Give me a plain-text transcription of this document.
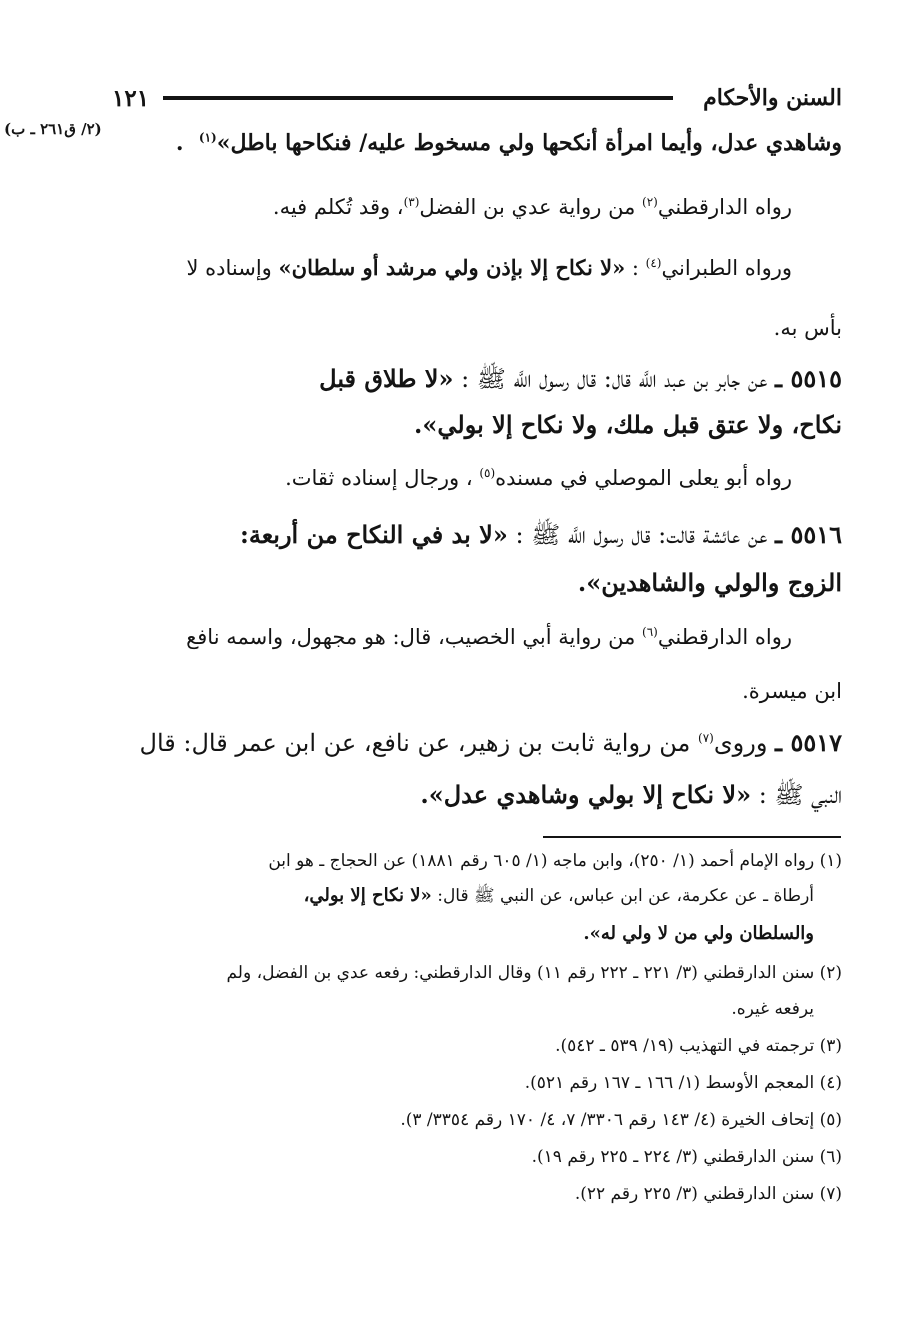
١٢١	السنن والأحكام
(٢/ ق٢٦١ ـ ب)
وشاهدي عدل، وأيما امرأة أنكحها ولي مسخوط عليه/ فنكاحها باطل»$^{(١)}$  .
رواه الدارقطني$^{(٢)}$ من رواية عدي بن الفضل$^{(٣)}$، وقد تُكلم فيه.
ورواه الطبراني$^{(٤)}$ : «لا نكاح إلا بإذن ولي مرشد أو سلطان» وإسناده لا
بأس به.
٥٥١٥ ـ عن جابر بن عبد اللَّه قال: قال رسول اللَّه ﷺ : «لا طلاق قبل
نكاح، ولا عتق قبل ملك، ولا نكاح إلا بولي».
رواه أبو يعلى الموصلي في مسنده$^{(٥)}$ ، ورجال إسناده ثقات.
٥٥١٦ ـ عن عائشة قالت: قال رسول اللَّه ﷺ : «لا بد في النكاح من أربعة:
الزوج والولي والشاهدين».
رواه الدارقطني$^{(٦)}$ من رواية أبي الخصيب، قال: هو مجهول، واسمه نافع
ابن ميسرة.
٥٥١٧ ـ وروى$^{(٧)}$ من رواية ثابت بن زهير، عن نافع، عن ابن عمر قال: قال
النبي ﷺ : «لا نكاح إلا بولي وشاهدي عدل».
(١) رواه الإمام أحمد (١/ ٢٥٠)، وابن ماجه (١/ ٦٠٥ رقم ١٨٨١) عن الحجاج ـ هو ابن
أرطاة ـ عن عكرمة، عن ابن عباس، عن النبي ﷺ قال: «لا نكاح إلا بولي،
والسلطان ولي من لا ولي له».
(٢) سنن الدارقطني (٣/ ٢٢١ ـ ٢٢٢ رقم ١١) وقال الدارقطني: رفعه عدي بن الفضل، ولم
يرفعه غيره.
(٣) ترجمته في التهذيب (١٩/ ٥٣٩ ـ ٥٤٢).
(٤) المعجم الأوسط (١/ ١٦٦ ـ ١٦٧ رقم ٥٢١).
(٥) إتحاف الخيرة (٤/ ١٤٣ رقم ٣٣٠٦/ ٧، ٤/ ١٧٠ رقم ٣٣٥٤/ ٣).
(٦) سنن الدارقطني (٣/ ٢٢٤ ـ ٢٢٥ رقم ١٩).
(٧) سنن الدارقطني (٣/ ٢٢٥ رقم ٢٢).
